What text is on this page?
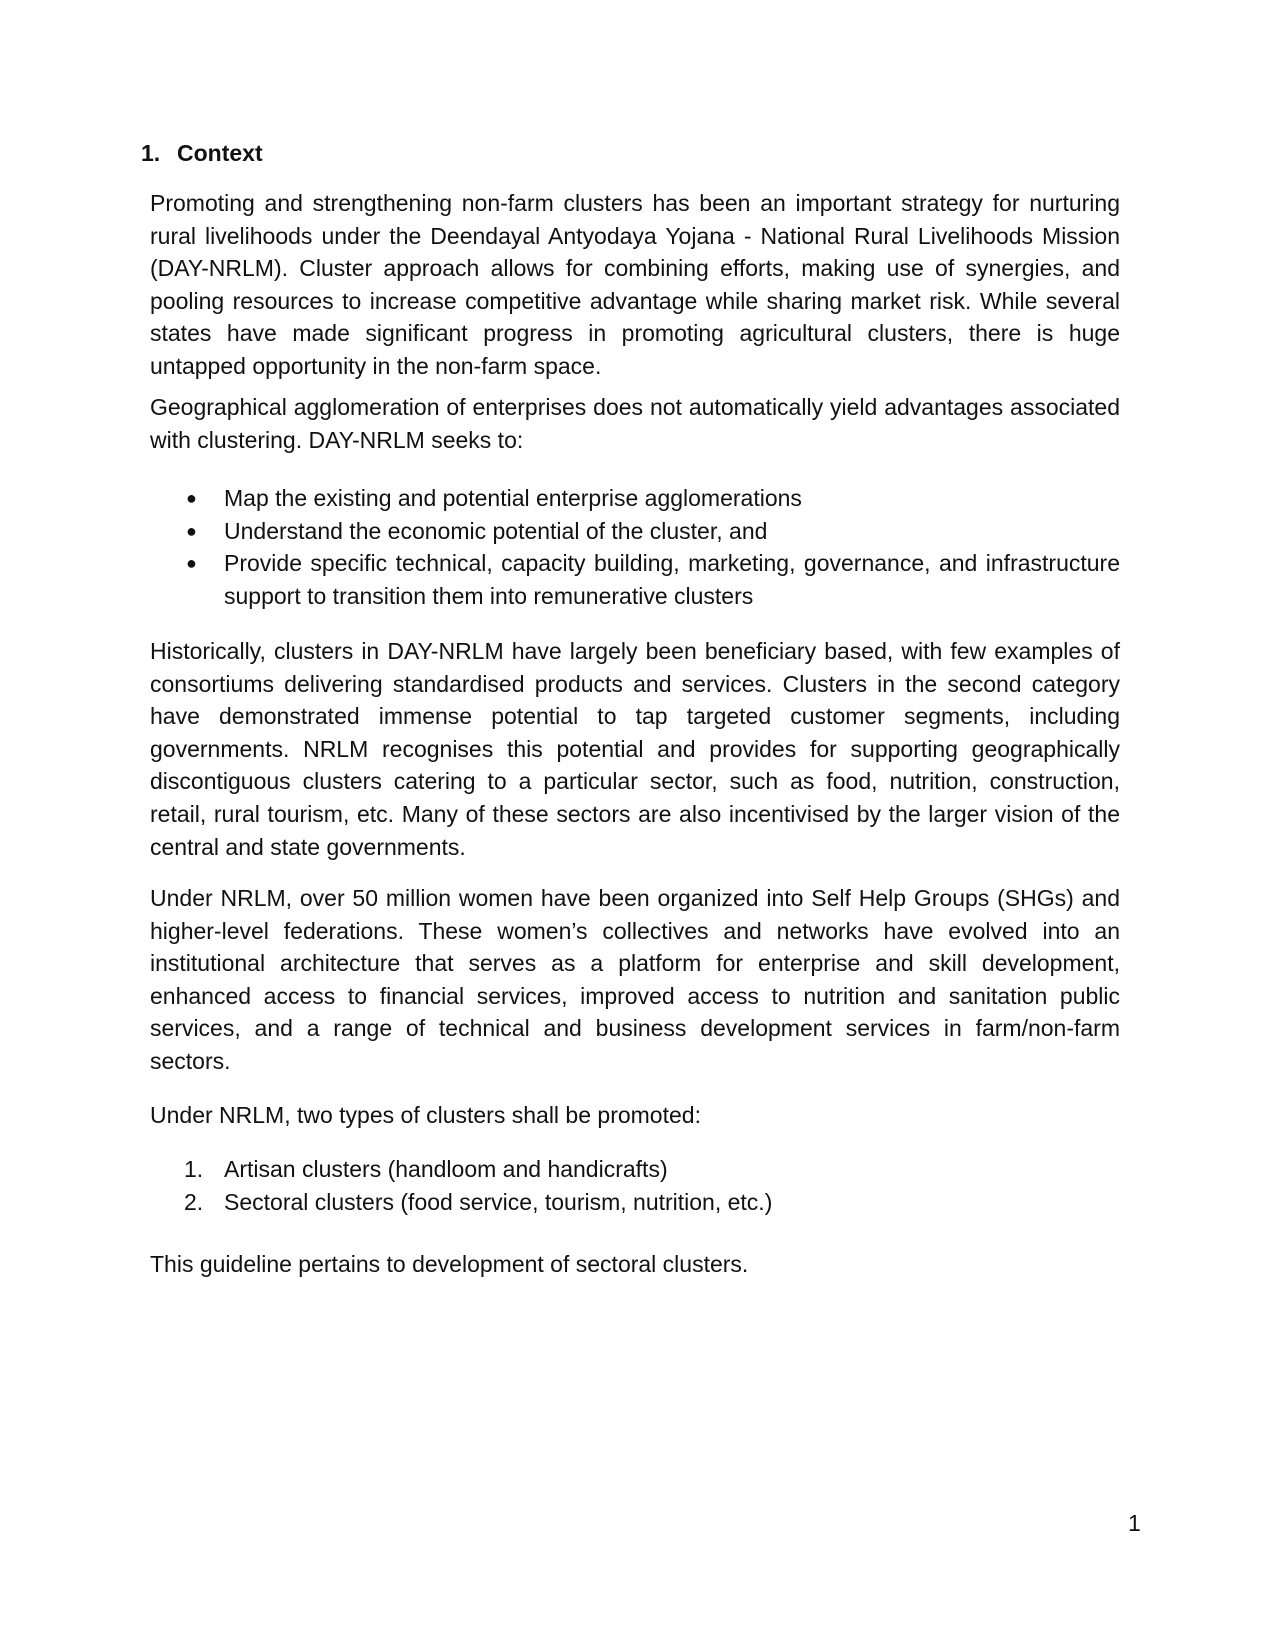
1. Context

Promoting and strengthening non-farm clusters has been an important strategy for nurturing rural livelihoods under the Deendayal Antyodaya Yojana - National Rural Livelihoods Mission (DAY-NRLM). Cluster approach allows for combining efforts, making use of synergies, and pooling resources to increase competitive advantage while sharing market risk. While several states have made significant progress in promoting agricultural clusters, there is huge untapped opportunity in the non-farm space.

Geographical agglomeration of enterprises does not automatically yield advantages associated with clustering. DAY-NRLM seeks to:

●	Map the existing and potential enterprise agglomerations
●	Understand the economic potential of the cluster, and
●	Provide specific technical, capacity building, marketing, governance, and infrastructure support to transition them into remunerative clusters

Historically, clusters in DAY-NRLM have largely been beneficiary based, with few examples of consortiums delivering standardised products and services. Clusters in the second category have demonstrated immense potential to tap targeted customer segments, including governments. NRLM recognises this potential and provides for supporting geographically discontiguous clusters catering to a particular sector, such as food, nutrition, construction, retail, rural tourism, etc. Many of these sectors are also incentivised by the larger vision of the central and state governments.

Under NRLM, over 50 million women have been organized into Self Help Groups (SHGs) and higher-level federations. These women’s collectives and networks have evolved into an institutional architecture that serves as a platform for enterprise and skill development, enhanced access to financial services, improved access to nutrition and sanitation public services, and a range of technical and business development services in farm/non-farm sectors.

Under NRLM, two types of clusters shall be promoted:

1. Artisan clusters (handloom and handicrafts)
2. Sectoral clusters (food service, tourism, nutrition, etc.)

This guideline pertains to development of sectoral clusters.

1
